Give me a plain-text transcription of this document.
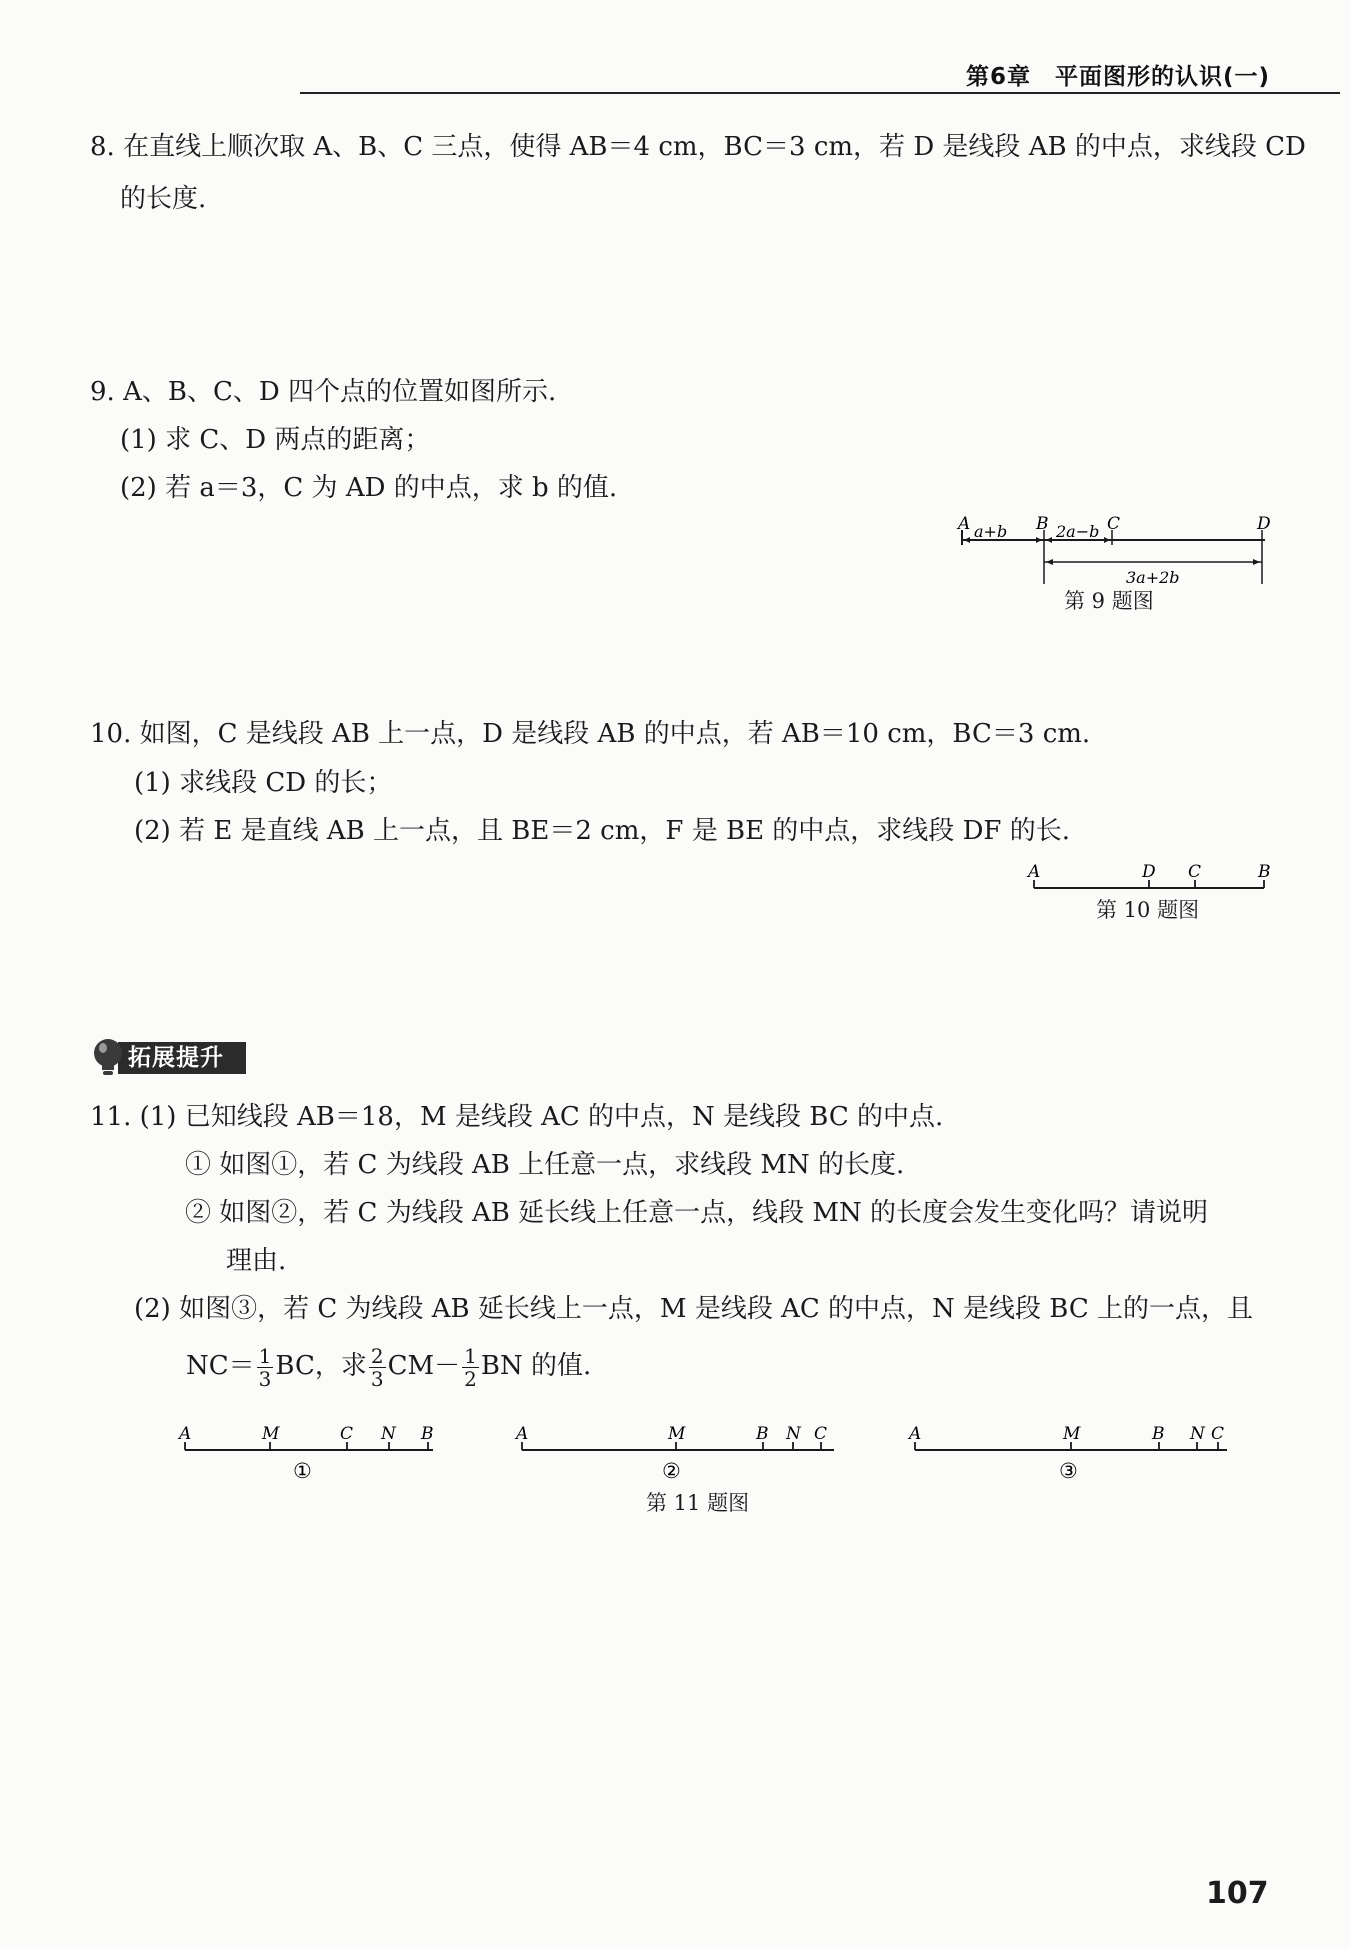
第6章　平面图形的认识(一)
8. 在直线上顺次取 A、B、C 三点，使得 AB＝4 cm，BC＝3 cm，若 D 是线段 AB 的中点，求线段 CD
的长度.
9. A、B、C、D 四个点的位置如图所示.
(1) 求 C、D 两点的距离；
(2) 若 a＝3，C 为 AD 的中点，求 b 的值.
A a+b B 2a−b C	D
3a+2b
第 9 题图
10. 如图，C 是线段 AB 上一点，D 是线段 AB 的中点，若 AB＝10 cm，BC＝3 cm.
(1) 求线段 CD 的长；
(2) 若 E 是直线 AB 上一点，且 BE＝2 cm，F 是 BE 的中点，求线段 DF 的长.
A	D C	B
第 10 题图
拓展提升
11. (1) 已知线段 AB＝18，M 是线段 AC 的中点，N 是线段 BC 的中点.
① 如图①，若 C 为线段 AB 上任意一点，求线段 MN 的长度.
② 如图②，若 C 为线段 AB 延长线上任意一点，线段 MN 的长度会发生变化吗？请说明
理由.
(2) 如图③，若 C 为线段 AB 延长线上一点，M 是线段 AC 的中点，N 是线段 BC 上的一点，且
$NC= \frac{1}{3}$ BC，求 $\frac{2}{3} CM- \frac{1}{2}$ BN 的值.
A	M	C N B
①
A	M	B N C
②
A	M	B N C
③
第 11 题图
107
